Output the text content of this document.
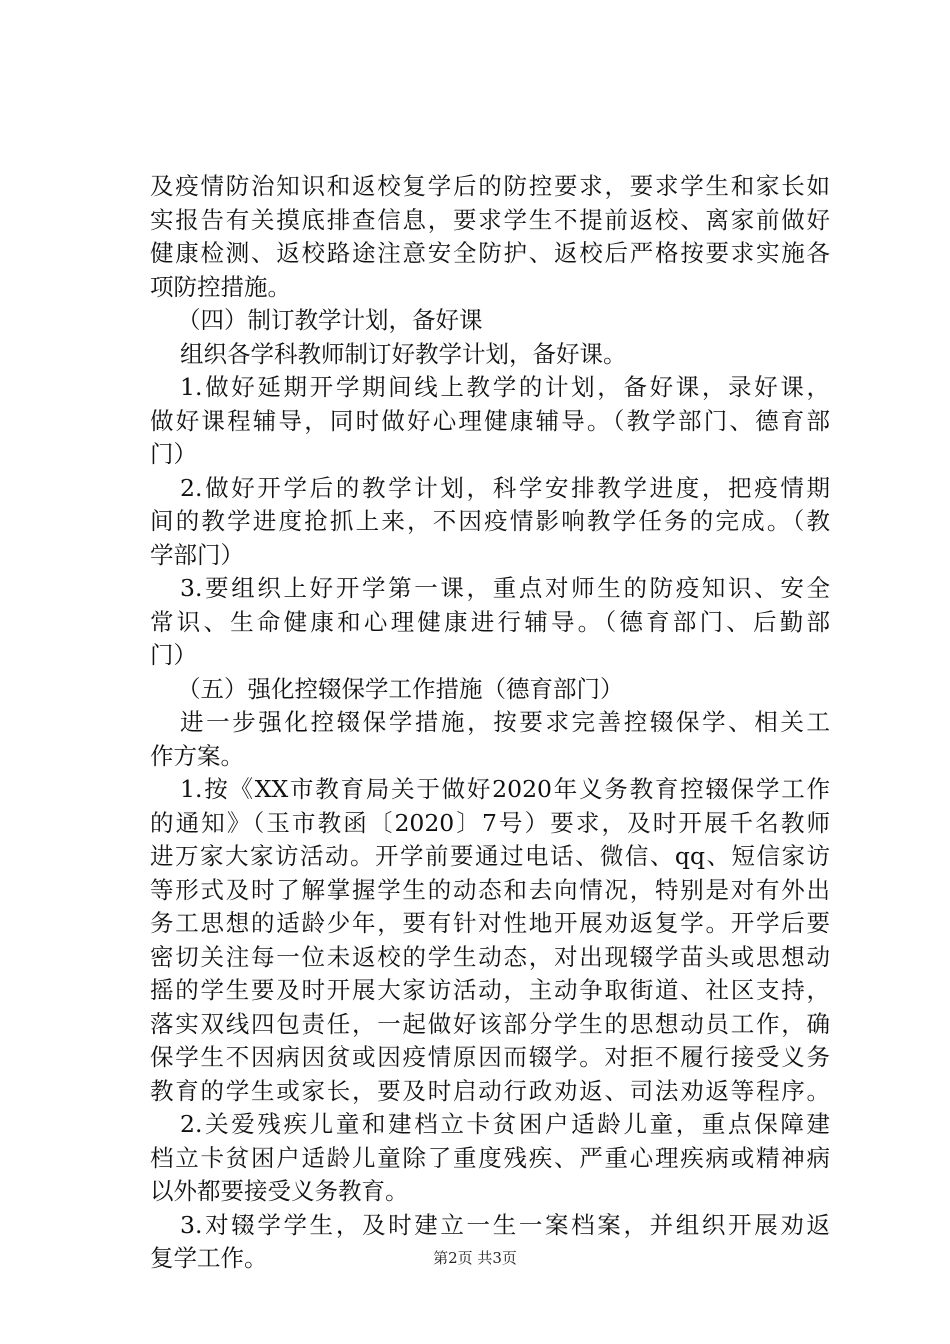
及疫情防治知识和返校复学后的防控要求，要求学生和家长如
实报告有关摸底排查信息，要求学生不提前返校、离家前做好
健康检测、返校路途注意安全防护、返校后严格按要求实施各
项防控措施。
（四）制订教学计划，备好课
组织各学科教师制订好教学计划，备好课。
1.做好延期开学期间线上教学的计划，备好课，录好课，
做好课程辅导，同时做好心理健康辅导。（教学部门、德育部
门）
2.做好开学后的教学计划，科学安排教学进度，把疫情期
间的教学进度抢抓上来，不因疫情影响教学任务的完成。（教
学部门）
3.要组织上好开学第一课，重点对师生的防疫知识、安全
常识、生命健康和心理健康进行辅导。（德育部门、后勤部
门）
（五）强化控辍保学工作措施（德育部门）
进一步强化控辍保学措施，按要求完善控辍保学、相关工
作方案。
1.按《XX市教育局关于做好2020年义务教育控辍保学工作
的通知》（玉市教函〔2020〕7号）要求，及时开展千名教师
进万家大家访活动。开学前要通过电话、微信、qq、短信家访
等形式及时了解掌握学生的动态和去向情况，特别是对有外出
务工思想的适龄少年，要有针对性地开展劝返复学。开学后要
密切关注每一位未返校的学生动态，对出现辍学苗头或思想动
摇的学生要及时开展大家访活动，主动争取街道、社区支持，
落实双线四包责任，一起做好该部分学生的思想动员工作，确
保学生不因病因贫或因疫情原因而辍学。对拒不履行接受义务
教育的学生或家长，要及时启动行政劝返、司法劝返等程序。
2.关爱残疾儿童和建档立卡贫困户适龄儿童，重点保障建
档立卡贫困户适龄儿童除了重度残疾、严重心理疾病或精神病
以外都要接受义务教育。
3.对辍学学生，及时建立一生一案档案，并组织开展劝返
复学工作。	第2页 共3页
